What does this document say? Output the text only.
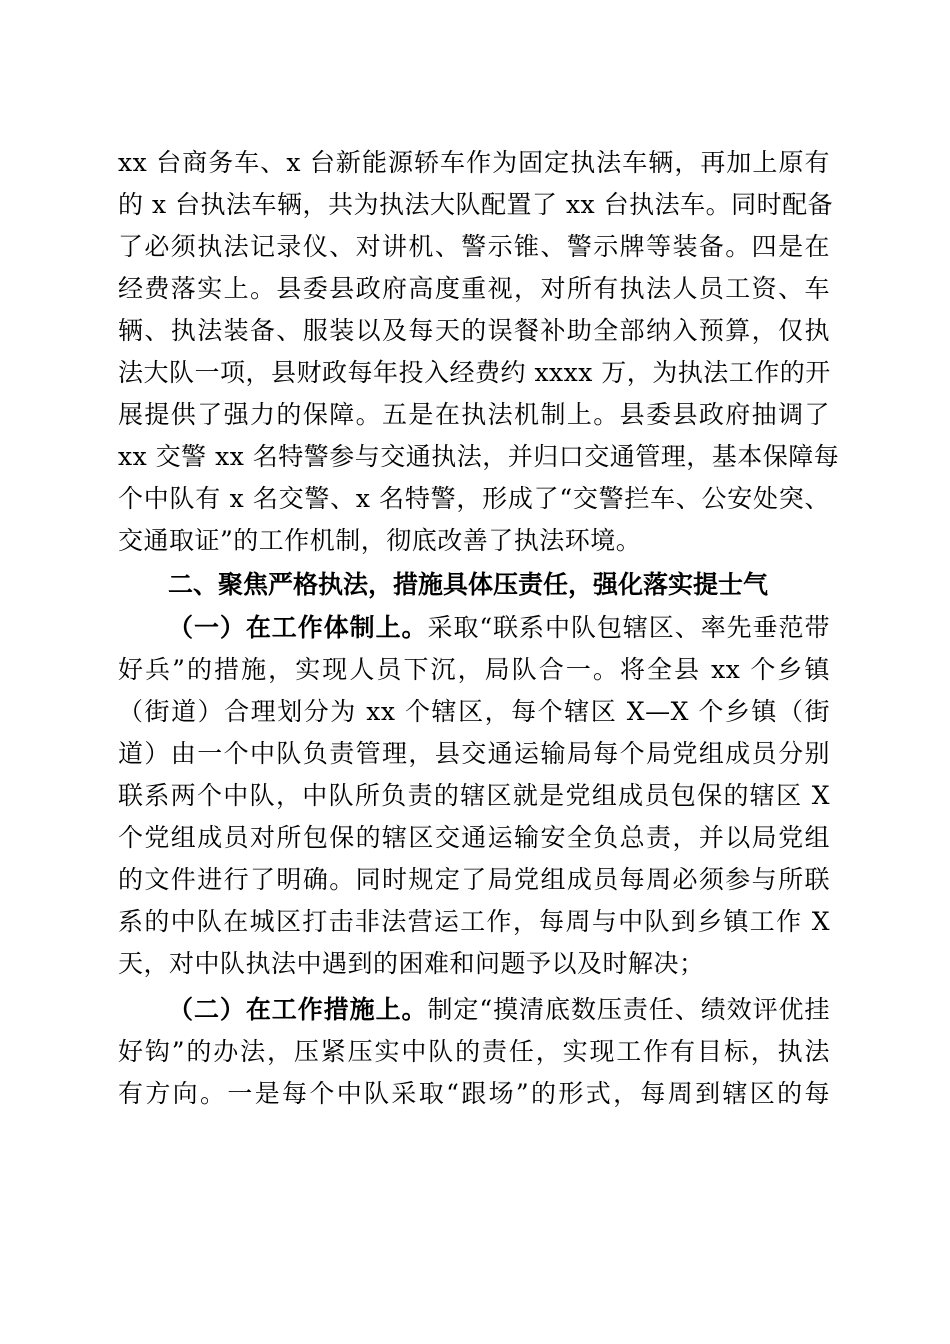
xx 台商务车、x 台新能源轿车作为固定执法车辆，再加上原有
的 x 台执法车辆，共为执法大队配置了 xx 台执法车。同时配备
了必须执法记录仪、对讲机、警示锥、警示牌等装备。四是在
经费落实上。县委县政府高度重视，对所有执法人员工资、车
辆、执法装备、服装以及每天的误餐补助全部纳入预算，仅执
法大队一项，县财政每年投入经费约 xxxx 万，为执法工作的开
展提供了强力的保障。五是在执法机制上。县委县政府抽调了
xx 交警 xx 名特警参与交通执法，并归口交通管理，基本保障每
个中队有 x 名交警、x 名特警，形成了“交警拦车、公安处突、
交通取证”的工作机制，彻底改善了执法环境。
二、聚焦严格执法，措施具体压责任，强化落实提士气
（一）在工作体制上。采取“联系中队包辖区、率先垂范带
好兵”的措施，实现人员下沉，局队合一。将全县 xx 个乡镇
（街道）合理划分为 xx 个辖区，每个辖区 X—X 个乡镇（街
道）由一个中队负责管理，县交通运输局每个局党组成员分别
联系两个中队，中队所负责的辖区就是党组成员包保的辖区 X
个党组成员对所包保的辖区交通运输安全负总责，并以局党组
的文件进行了明确。同时规定了局党组成员每周必须参与所联
系的中队在城区打击非法营运工作，每周与中队到乡镇工作 X
天，对中队执法中遇到的困难和问题予以及时解决；
（二）在工作措施上。制定“摸清底数压责任、绩效评优挂
好钩”的办法，压紧压实中队的责任，实现工作有目标，执法
有方向。一是每个中队采取“跟场”的形式，每周到辖区的每
